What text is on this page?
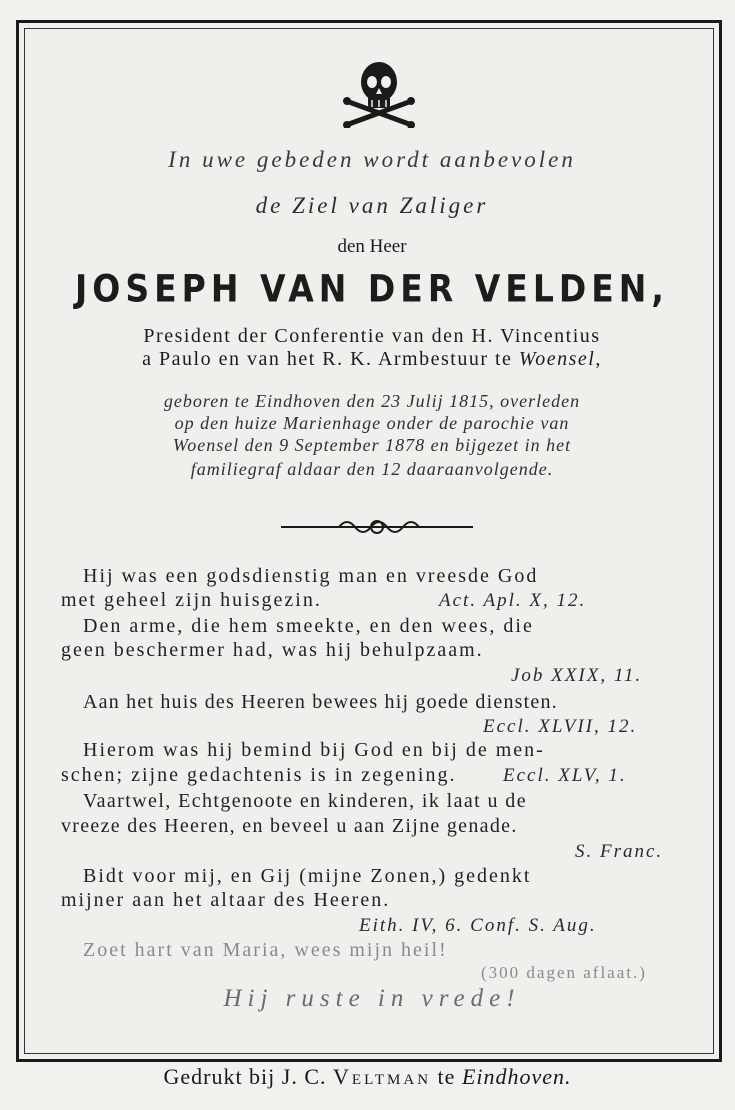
In uwe gebeden wordt aanbevolen
de Ziel van Zaliger
den Heer
JOSEPH VAN DER VELDEN,
President der Conferentie van den H. Vincentius
a Paulo en van het R. K. Armbestuur te Woensel,
geboren te Eindhoven den 23 Julij 1815, overleden
op den huize Marienhage onder de parochie van
Woensel den 9 September 1878 en bijgezet in het
familiegraf aldaar den 12 daaraanvolgende.
Hij was een godsdienstig man en vreesde God
met geheel zijn huisgezin.	Act. Apl. X, 12.
Den arme, die hem smeekte, en den wees, die
geen beschermer had, was hij behulpzaam.
Job XXIX, 11.
Aan het huis des Heeren bewees hij goede diensten.
Eccl. XLVII, 12.
Hierom was hij bemind bij God en bij de men-
schen; zijne gedachtenis is in zegening. Eccl. XLV, 1.
Vaartwel, Echtgenoote en kinderen, ik laat u de
vreeze des Heeren, en beveel u aan Zijne genade.
S. Franc.
Bidt voor mij, en Gij (mijne Zonen,) gedenkt
mijner aan het altaar des Heeren.
Eith. IV, 6. Conf. S. Aug.
Zoet hart van Maria, wees mijn heil!
(300 dagen aflaat.)
Hij ruste in vrede!
Gedrukt bij J. C. Veltman te Eindhoven.
